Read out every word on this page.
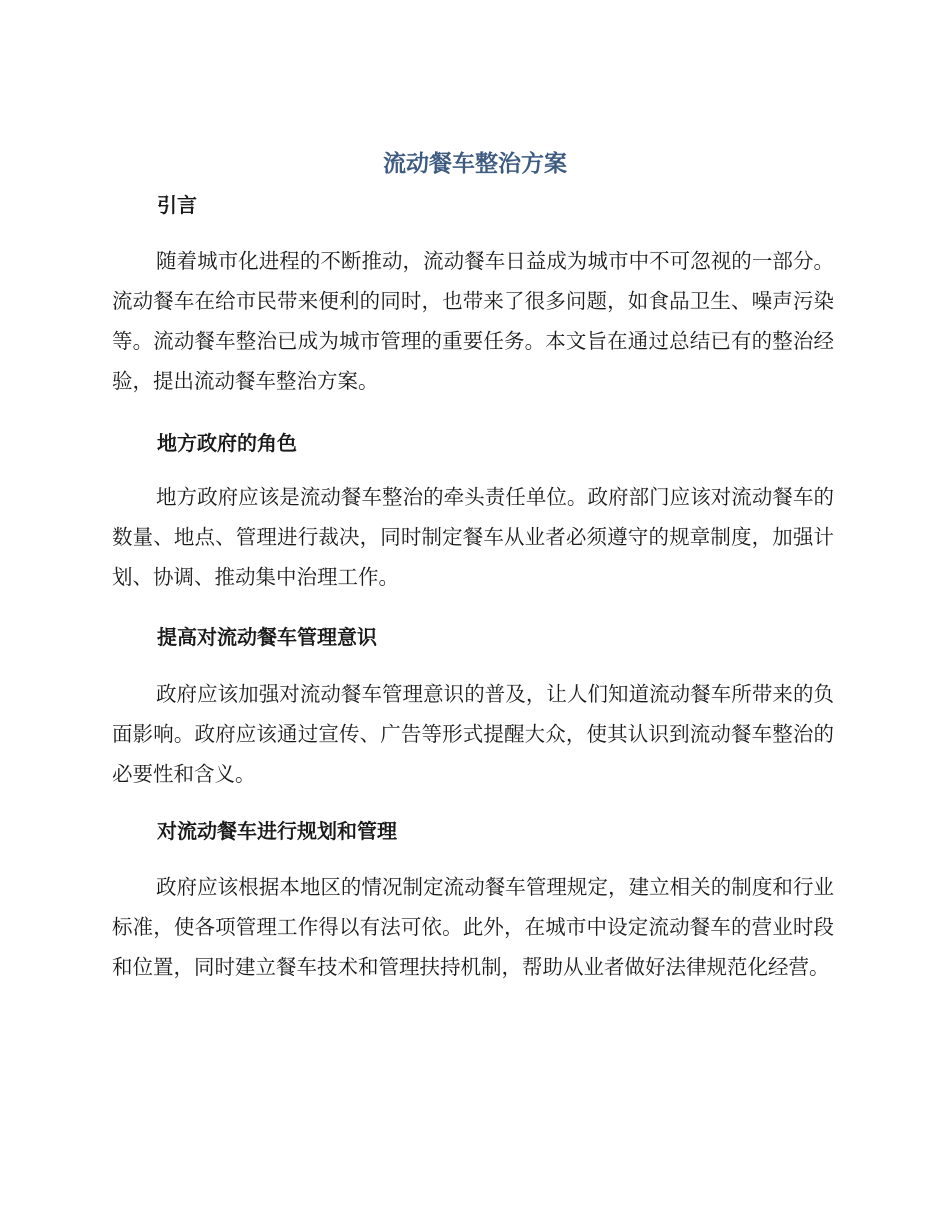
流动餐车整治方案
引言

随着城市化进程的不断推动，流动餐车日益成为城市中不可忽视的一部分。流动餐车在给市民带来便利的同时，也带来了很多问题，如食品卫生、噪声污染等。流动餐车整治已成为城市管理的重要任务。本文旨在通过总结已有的整治经验，提出流动餐车整治方案。

地方政府的角色

地方政府应该是流动餐车整治的牵头责任单位。政府部门应该对流动餐车的数量、地点、管理进行裁决，同时制定餐车从业者必须遵守的规章制度，加强计划、协调、推动集中治理工作。

提高对流动餐车管理意识

政府应该加强对流动餐车管理意识的普及，让人们知道流动餐车所带来的负面影响。政府应该通过宣传、广告等形式提醒大众，使其认识到流动餐车整治的必要性和含义。

对流动餐车进行规划和管理

政府应该根据本地区的情况制定流动餐车管理规定，建立相关的制度和行业标准，使各项管理工作得以有法可依。此外，在城市中设定流动餐车的营业时段和位置，同时建立餐车技术和管理扶持机制，帮助从业者做好法律规范化经营。
